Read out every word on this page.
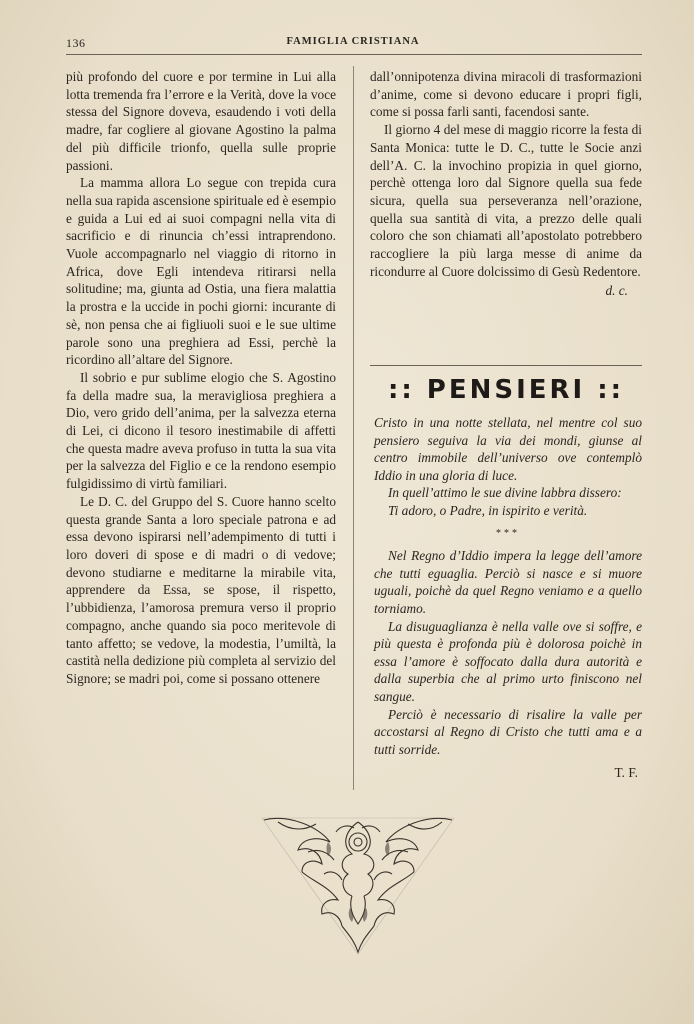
136	FAMIGLIA CRISTIANA

più profondo del cuore e por termine in Lui alla lotta tremenda fra l’errore e la Verità, dove la voce stessa del Signore doveva, esaudendo i voti della madre, far cogliere al giovane Agostino la palma del più difficile trionfo, quella sulle proprie passioni.

La mamma allora Lo segue con trepida cura nella sua rapida ascensione spirituale ed è esempio e guida a Lui ed ai suoi compagni nella vita di sacrificio e di rinuncia ch’essi intraprendono. Vuole accompagnarlo nel viaggio di ritorno in Africa, dove Egli intendeva ritirarsi nella solitudine; ma, giunta ad Ostia, una fiera malattia la prostra e la uccide in pochi giorni: incurante di sè, non pensa che ai figliuoli suoi e le sue ultime parole sono una preghiera ad Essi, perchè la ricordino all’altare del Signore.

Il sobrio e pur sublime elogio che S. Agostino fa della madre sua, la meravigliosa preghiera a Dio, vero grido dell’anima, per la salvezza eterna di Lei, ci dicono il tesoro inestimabile di affetti che questa madre aveva profuso in tutta la sua vita per la salvezza del Figlio e ce la rendono esempio fulgidissimo di virtù familiari.

Le D. C. del Gruppo del S. Cuore hanno scelto questa grande Santa a loro speciale patrona e ad essa devono ispirarsi nell’adempimento di tutti i loro doveri di spose e di madri o di vedove; devono studiarne e meditarne la mirabile vita, apprendere da Essa, se spose, il rispetto, l’ubbidienza, l’amorosa premura verso il proprio compagno, anche quando sia poco meritevole di tanto affetto; se vedove, la modestia, l’umiltà, la castità nella dedizione più completa al servizio del Signore; se madri poi, come si possano ottenere

dall’onnipotenza divina miracoli di trasformazioni d’anime, come si devono educare i propri figli, come si possa farli santi, facendosi sante.

Il giorno 4 del mese di maggio ricorre la festa di Santa Monica: tutte le D. C., tutte le Socie anzi dell’A. C. la invochino propizia in quel giorno, perchè ottenga loro dal Signore quella sua fede sicura, quella sua perseveranza nell’orazione, quella sua santità di vita, a prezzo delle quali coloro che son chiamati all’apostolato potrebbero raccogliere la più larga messe di anime da ricondurre al Cuore dolcissimo di Gesù Redentore.

d. c.
:: PENSIERI ::

Cristo in una notte stellata, nel mentre col suo pensiero seguiva la via dei mondi, giunse al centro immobile dell’universo ove contemplò Iddio in una gloria di luce.

In quell’attimo le sue divine labbra dissero:

Ti adoro, o Padre, in ispirito e verità.

***

Nel Regno d’Iddio impera la legge dell’amore che tutti eguaglia. Perciò si nasce e si muore uguali, poichè da quel Regno veniamo e a quello torniamo.

La disuguaglianza è nella valle ove si soffre, e più questa è profonda più è dolorosa poichè in essa l’amore è soffocato dalla dura autorità e dalla superbia che al primo urto finiscono nel sangue.

Perciò è necessario di risalire la valle per accostarsi al Regno di Cristo che tutti ama e a tutti sorride.

T. F.
